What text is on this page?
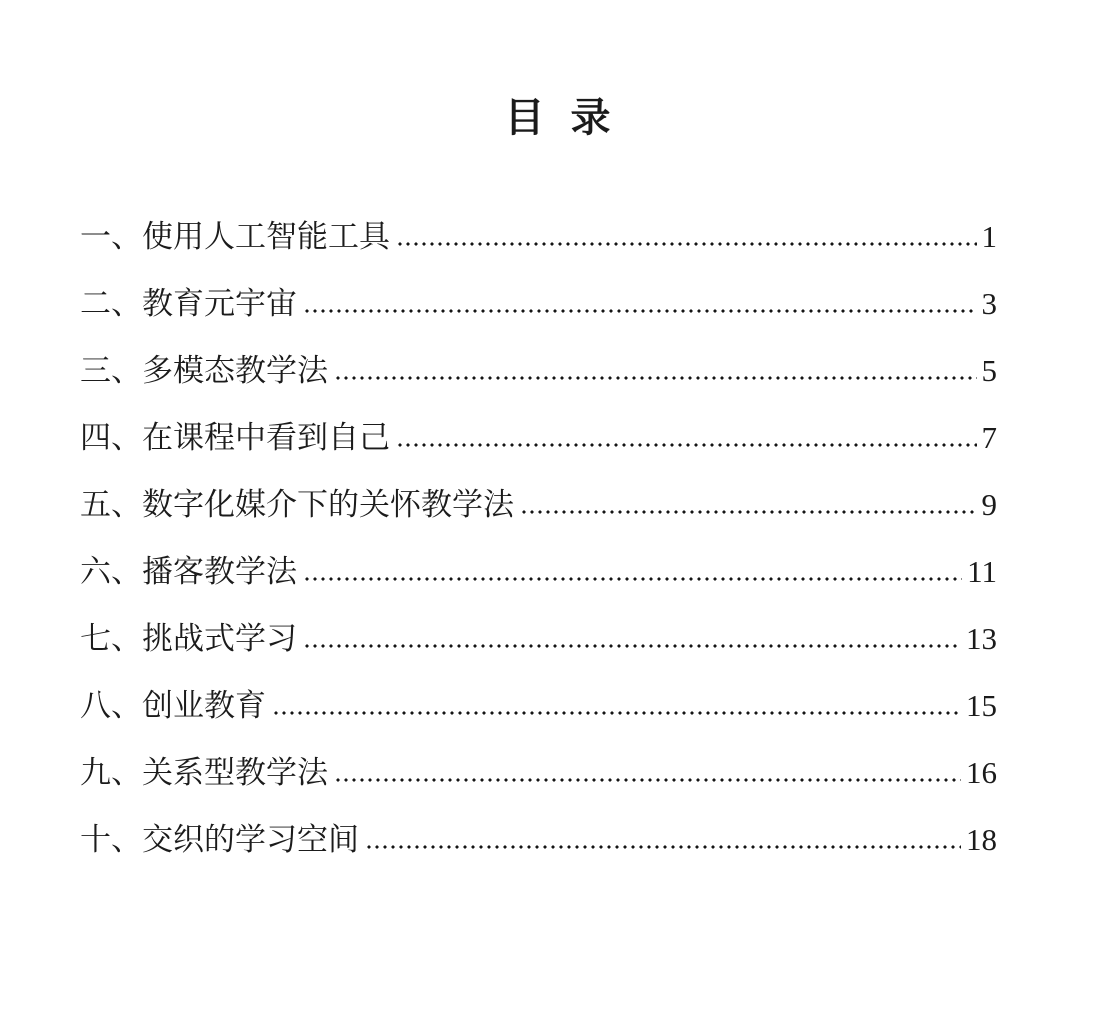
目 录
一、使用人工智能工具	1
二、教育元宇宙	3
三、多模态教学法	5
四、在课程中看到自己	7
五、数字化媒介下的关怀教学法	9
六、播客教学法	11
七、挑战式学习	13
八、创业教育	15
九、关系型教学法	16
十、交织的学习空间	18
